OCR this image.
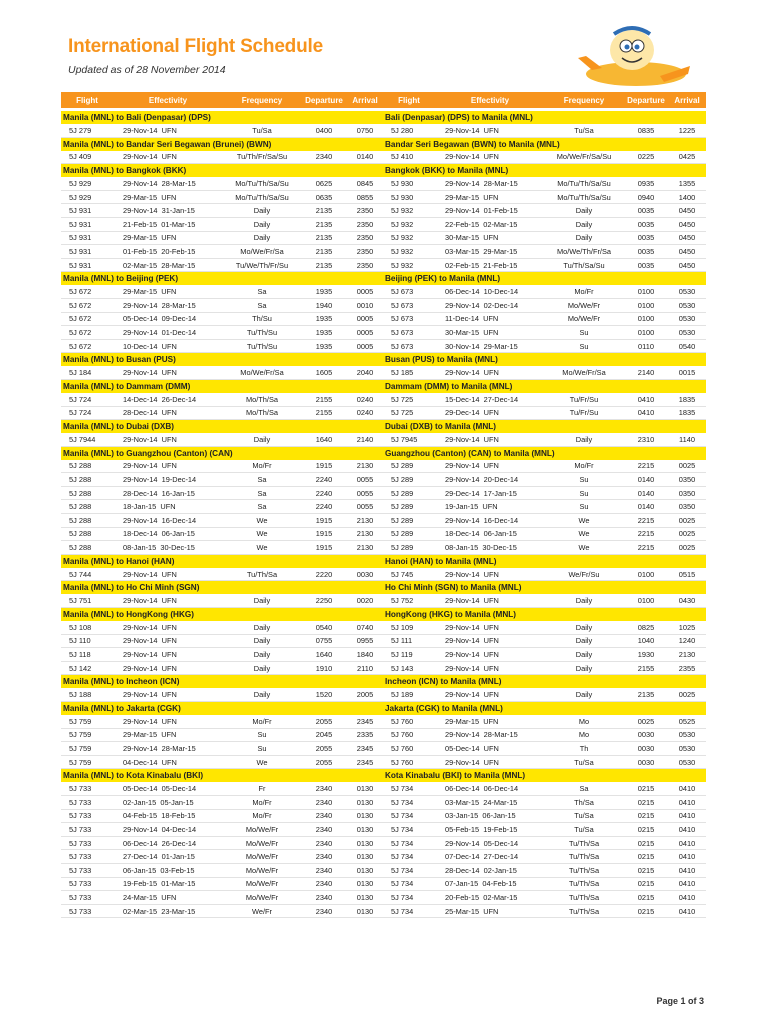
International Flight Schedule
Updated as of 28 November 2014
Flight	Effectivity	Frequency	Departure	Arrival
Manila (MNL) to Bali (Denpasar) (DPS)
5J 279	29-Nov-14 UFN	Tu/Sa	0400	0750
Manila (MNL) to Bandar Seri Begawan (Brunei) (BWN)
5J 409	29-Nov-14 UFN	Tu/Th/Fr/Sa/Su	2340	0140
Manila (MNL) to Bangkok (BKK)
5J 929	29-Nov-14 28-Mar-15	Mo/Tu/Th/Sa/Su	0625	0845
5J 929	29-Mar-15 UFN	Mo/Tu/Th/Sa/Su	0635	0855
5J 931	29-Nov-14 31-Jan-15	Daily	2135	2350
5J 931	21-Feb-15 01-Mar-15	Daily	2135	2350
5J 931	29-Mar-15 UFN	Daily	2135	2350
5J 931	01-Feb-15 20-Feb-15	Mo/We/Fr/Sa	2135	2350
5J 931	02-Mar-15 28-Mar-15	Tu/We/Th/Fr/Su	2135	2350
Manila (MNL) to Beijing (PEK)
5J 672	29-Mar-15 UFN	Sa	1935	0005
5J 672	29-Nov-14 28-Mar-15	Sa	1940	0010
5J 672	05-Dec-14 09-Dec-14	Th/Su	1935	0005
5J 672	29-Nov-14 01-Dec-14	Tu/Th/Su	1935	0005
5J 672	10-Dec-14 UFN	Tu/Th/Su	1935	0005
Manila (MNL) to Busan (PUS)
5J 184	29-Nov-14 UFN	Mo/We/Fr/Sa	1605	2040
Manila (MNL) to Dammam (DMM)
5J 724	14-Dec-14 26-Dec-14	Mo/Th/Sa	2155	0240
5J 724	28-Dec-14 UFN	Mo/Th/Sa	2155	0240
Manila (MNL) to Dubai (DXB)
5J 7944	29-Nov-14 UFN	Daily	1640	2140
Manila (MNL) to Guangzhou (Canton) (CAN)
5J 288	29-Nov-14 UFN	Mo/Fr	1915	2130
5J 288	29-Nov-14 19-Dec-14	Sa	2240	0055
5J 288	28-Dec-14 16-Jan-15	Sa	2240	0055
5J 288	18-Jan-15 UFN	Sa	2240	0055
5J 288	29-Nov-14 16-Dec-14	We	1915	2130
5J 288	18-Dec-14 06-Jan-15	We	1915	2130
5J 288	08-Jan-15 30-Dec-15	We	1915	2130
Manila (MNL) to Hanoi (HAN)
5J 744	29-Nov-14 UFN	Tu/Th/Sa	2220	0030
Manila (MNL) to Ho Chi Minh (SGN)
5J 751	29-Nov-14 UFN	Daily	2250	0020
Manila (MNL) to HongKong (HKG)
5J 108	29-Nov-14 UFN	Daily	0540	0740
5J 110	29-Nov-14 UFN	Daily	0755	0955
5J 118	29-Nov-14 UFN	Daily	1640	1840
5J 142	29-Nov-14 UFN	Daily	1910	2110
Manila (MNL) to Incheon (ICN)
5J 188	29-Nov-14 UFN	Daily	1520	2005
Manila (MNL) to Jakarta (CGK)
5J 759	29-Nov-14 UFN	Mo/Fr	2055	2345
5J 759	29-Mar-15 UFN	Su	2045	2335
5J 759	29-Nov-14 28-Mar-15	Su	2055	2345
5J 759	04-Dec-14 UFN	We	2055	2345
Manila (MNL) to Kota Kinabalu (BKI)
5J 733	05-Dec-14 05-Dec-14	Fr	2340	0130
5J 733	02-Jan-15 05-Jan-15	Mo/Fr	2340	0130
5J 733	04-Feb-15 18-Feb-15	Mo/Fr	2340	0130
5J 733	29-Nov-14 04-Dec-14	Mo/We/Fr	2340	0130
5J 733	06-Dec-14 26-Dec-14	Mo/We/Fr	2340	0130
5J 733	27-Dec-14 01-Jan-15	Mo/We/Fr	2340	0130
5J 733	06-Jan-15 03-Feb-15	Mo/We/Fr	2340	0130
5J 733	19-Feb-15 01-Mar-15	Mo/We/Fr	2340	0130
5J 733	24-Mar-15 UFN	Mo/We/Fr	2340	0130
5J 733	02-Mar-15 23-Mar-15	We/Fr	2340	0130
Flight	Effectivity	Frequency	Departure	Arrival
Bali (Denpasar) (DPS) to Manila (MNL)
5J 280	29-Nov-14 UFN	Tu/Sa	0835	1225
Bandar Seri Begawan (BWN) to Manila (MNL)
5J 410	29-Nov-14 UFN	Mo/We/Fr/Sa/Su	0225	0425
Bangkok (BKK) to Manila (MNL)
5J 930	29-Nov-14 28-Mar-15	Mo/Tu/Th/Sa/Su	0935	1355
5J 930	29-Mar-15 UFN	Mo/Tu/Th/Sa/Su	0940	1400
5J 932	29-Nov-14 01-Feb-15	Daily	0035	0450
5J 932	22-Feb-15 02-Mar-15	Daily	0035	0450
5J 932	30-Mar-15 UFN	Daily	0035	0450
5J 932	03-Mar-15 29-Mar-15	Mo/We/Th/Fr/Sa	0035	0450
5J 932	02-Feb-15 21-Feb-15	Tu/Th/Sa/Su	0035	0450
Beijing (PEK) to Manila (MNL)
5J 673	06-Dec-14 10-Dec-14	Mo/Fr	0100	0530
5J 673	29-Nov-14 02-Dec-14	Mo/We/Fr	0100	0530
5J 673	11-Dec-14 UFN	Mo/We/Fr	0100	0530
5J 673	30-Mar-15 UFN	Su	0100	0530
5J 673	30-Nov-14 29-Mar-15	Su	0110	0540
Busan (PUS) to Manila (MNL)
5J 185	29-Nov-14 UFN	Mo/We/Fr/Sa	2140	0015
Dammam (DMM) to Manila (MNL)
5J 725	15-Dec-14 27-Dec-14	Tu/Fr/Su	0410	1835
5J 725	29-Dec-14 UFN	Tu/Fr/Su	0410	1835
Dubai (DXB) to Manila (MNL)
5J 7945	29-Nov-14 UFN	Daily	2310	1140
Guangzhou (Canton) (CAN) to Manila (MNL)
5J 289	29-Nov-14 UFN	Mo/Fr	2215	0025
5J 289	29-Nov-14 20-Dec-14	Su	0140	0350
5J 289	29-Dec-14 17-Jan-15	Su	0140	0350
5J 289	19-Jan-15 UFN	Su	0140	0350
5J 289	29-Nov-14 16-Dec-14	We	2215	0025
5J 289	18-Dec-14 06-Jan-15	We	2215	0025
5J 289	08-Jan-15 30-Dec-15	We	2215	0025
Hanoi (HAN) to Manila (MNL)
5J 745	29-Nov-14 UFN	We/Fr/Su	0100	0515
Ho Chi Minh (SGN) to Manila (MNL)
5J 752	29-Nov-14 UFN	Daily	0100	0430
HongKong (HKG) to Manila (MNL)
5J 109	29-Nov-14 UFN	Daily	0825	1025
5J 111	29-Nov-14 UFN	Daily	1040	1240
5J 119	29-Nov-14 UFN	Daily	1930	2130
5J 143	29-Nov-14 UFN	Daily	2155	2355
Incheon (ICN) to Manila (MNL)
5J 189	29-Nov-14 UFN	Daily	2135	0025
Jakarta (CGK) to Manila (MNL)
5J 760	29-Mar-15 UFN	Mo	0025	0525
5J 760	29-Nov-14 28-Mar-15	Mo	0030	0530
5J 760	05-Dec-14 UFN	Th	0030	0530
5J 760	29-Nov-14 UFN	Tu/Sa	0030	0530
Kota Kinabalu (BKI) to Manila (MNL)
5J 734	06-Dec-14 06-Dec-14	Sa	0215	0410
5J 734	03-Mar-15 24-Mar-15	Th/Sa	0215	0410
5J 734	03-Jan-15 06-Jan-15	Tu/Sa	0215	0410
5J 734	05-Feb-15 19-Feb-15	Tu/Sa	0215	0410
5J 734	29-Nov-14 05-Dec-14	Tu/Th/Sa	0215	0410
5J 734	07-Dec-14 27-Dec-14	Tu/Th/Sa	0215	0410
5J 734	28-Dec-14 02-Jan-15	Tu/Th/Sa	0215	0410
5J 734	07-Jan-15 04-Feb-15	Tu/Th/Sa	0215	0410
5J 734	20-Feb-15 02-Mar-15	Tu/Th/Sa	0215	0410
5J 734	25-Mar-15 UFN	Tu/Th/Sa	0215	0410
Page 1 of 3
